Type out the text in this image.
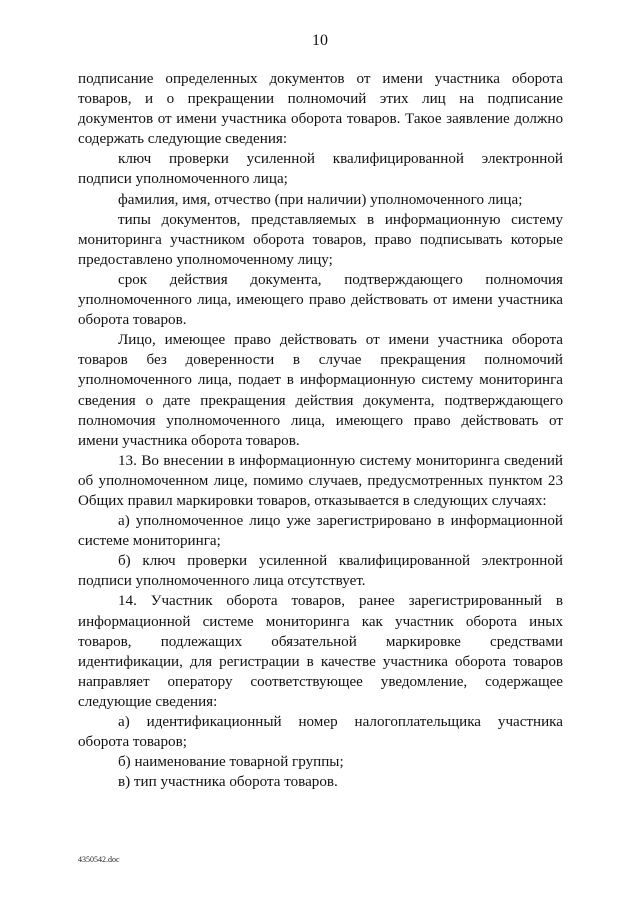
10

подписание определенных документов от имени участника оборота товаров, и о прекращении полномочий этих лиц на подписание документов от имени участника оборота товаров. Такое заявление должно содержать следующие сведения:

ключ проверки усиленной квалифицированной электронной подписи уполномоченного лица;

фамилия, имя, отчество (при наличии) уполномоченного лица;

типы документов, представляемых в информационную систему мониторинга участником оборота товаров, право подписывать которые предоставлено уполномоченному лицу;

срок действия документа, подтверждающего полномочия уполномоченного лица, имеющего право действовать от имени участника оборота товаров.

Лицо, имеющее право действовать от имени участника оборота товаров без доверенности в случае прекращения полномочий уполномоченного лица, подает в информационную систему мониторинга сведения о дате прекращения действия документа, подтверждающего полномочия уполномоченного лица, имеющего право действовать от имени участника оборота товаров.

13. Во внесении в информационную систему мониторинга сведений об уполномоченном лице, помимо случаев, предусмотренных пунктом 23 Общих правил маркировки товаров, отказывается в следующих случаях:

а) уполномоченное лицо уже зарегистрировано в информационной системе мониторинга;

б) ключ проверки усиленной квалифицированной электронной подписи уполномоченного лица отсутствует.

14. Участник оборота товаров, ранее зарегистрированный в информационной системе мониторинга как участник оборота иных товаров, подлежащих обязательной маркировке средствами идентификации, для регистрации в качестве участника оборота товаров направляет оператору соответствующее уведомление, содержащее следующие сведения:

а) идентификационный номер налогоплательщика участника оборота товаров;

б) наименование товарной группы;

в) тип участника оборота товаров.

4350542.doc
